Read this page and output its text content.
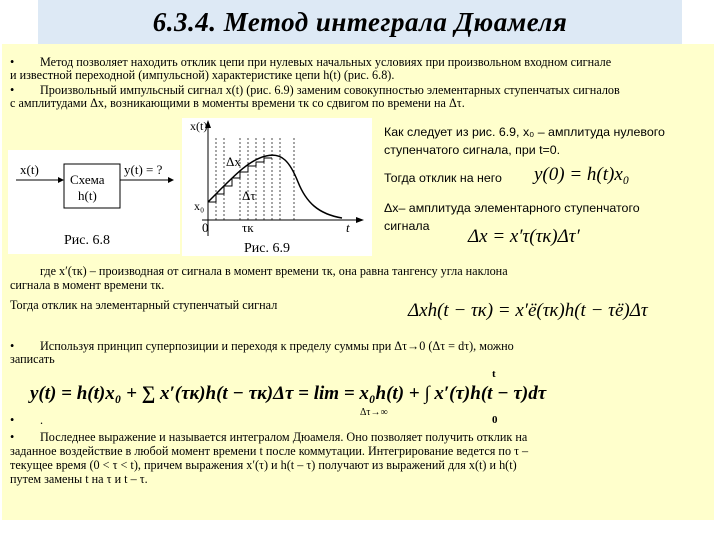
6.3.4. Метод интеграла Дюамеля
• Метод позволяет находить отклик цепи при нулевых начальных условиях при произвольном входном сигнале
и известной переходной (импульсной) характеристике цепи h(t) (рис. 6.8).
• Произвольный импульсный сигнал x(t) (рис. 6.9) заменим совокупностью элементарных ступенчатых сигналов
с амплитудами Δx, возникающими в моменты времени τк со сдвигом по времени на Δτ.
x(t)
Схема
h(t)
y(t) = ?
Рис. 6.8
x(t)
Δx
Δτ
x₀
0	τк	t
Рис. 6.9
Как следует из рис. 6.9, x₀ – амплитуда нулевого
ступенчатого сигнала, при t=0.
Тогда отклик на него y(0) = h(t)x₀
Δx– амплитуда элементарного ступенчатого
сигнала Δx = x′τ(τк)Δτ′
где x′(τк) – производная от сигнала в момент времени τк, она равна тангенсу угла наклона
сигнала в момент времени τк.
Тогда отклик на элементарный ступенчатый сигнал	Δxh(t − τк) = x′ё(τк)h(t − τё)Δτ
• Используя принцип суперпозиции и переходя к пределу суммы при Δτ→0 (Δτ = dτ), можно
записать
y(t) = h(t)x₀ + ∑ x′(τк)h(t − τк)Δτ = lim = x₀h(t) + ∫ x′(τ)h(t − τ)dτ
Δτ→∞
t
0
• .
• Последнее выражение и называется интегралом Дюамеля. Оно позволяет получить отклик на
заданное воздействие в любой момент времени t после коммутации. Интегрирование ведется по τ –
текущее время (0 < τ < t), причем выражения x′(τ) и h(t – τ) получают из выражений для x(t) и h(t)
путем замены t на τ и t – τ.
